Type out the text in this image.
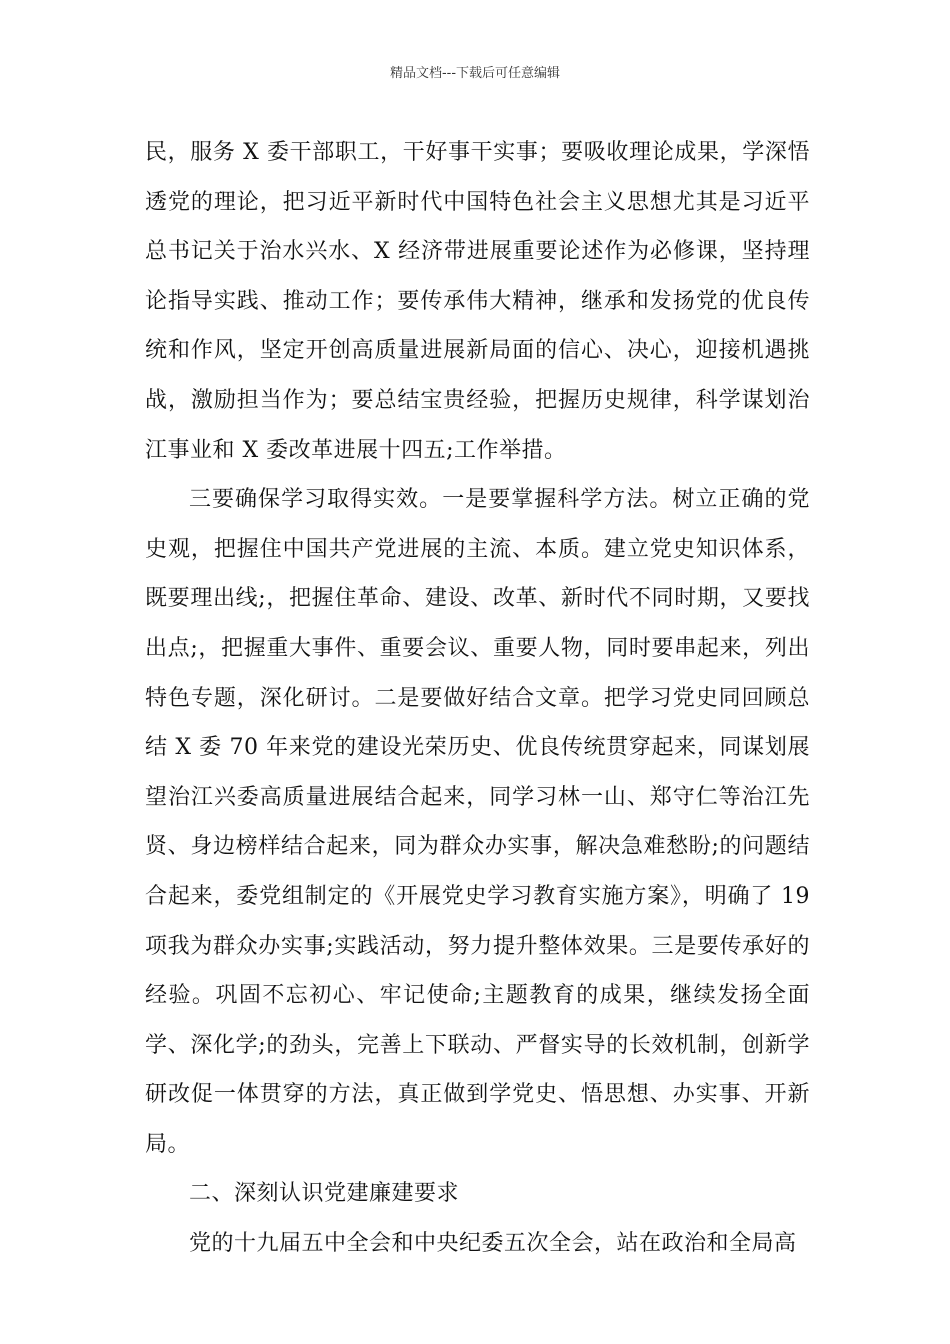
精品文档---下载后可任意编辑

民，服务 X 委干部职工，干好事干实事；要吸收理论成果，学深悟透党的理论，把习近平新时代中国特色社会主义思想尤其是习近平总书记关于治水兴水、X 经济带进展重要论述作为必修课，坚持理论指导实践、推动工作；要传承伟大精神，继承和发扬党的优良传统和作风，坚定开创高质量进展新局面的信心、决心，迎接机遇挑战，激励担当作为；要总结宝贵经验，把握历史规律，科学谋划治江事业和 X 委改革进展十四五;工作举措。

三要确保学习取得实效。一是要掌握科学方法。树立正确的党史观，把握住中国共产党进展的主流、本质。建立党史知识体系，既要理出线;，把握住革命、建设、改革、新时代不同时期，又要找出点;，把握重大事件、重要会议、重要人物，同时要串起来，列出特色专题，深化研讨。二是要做好结合文章。把学习党史同回顾总结 X 委 70 年来党的建设光荣历史、优良传统贯穿起来，同谋划展望治江兴委高质量进展结合起来，同学习林一山、郑守仁等治江先贤、身边榜样结合起来，同为群众办实事，解决急难愁盼;的问题结合起来，委党组制定的《开展党史学习教育实施方案》，明确了 19 项我为群众办实事;实践活动，努力提升整体效果。三是要传承好的经验。巩固不忘初心、牢记使命;主题教育的成果，继续发扬全面学、深化学;的劲头，完善上下联动、严督实导的长效机制，创新学研改促一体贯穿的方法，真正做到学党史、悟思想、办实事、开新局。

二、深刻认识党建廉建要求

党的十九届五中全会和中央纪委五次全会，站在政治和全局高
